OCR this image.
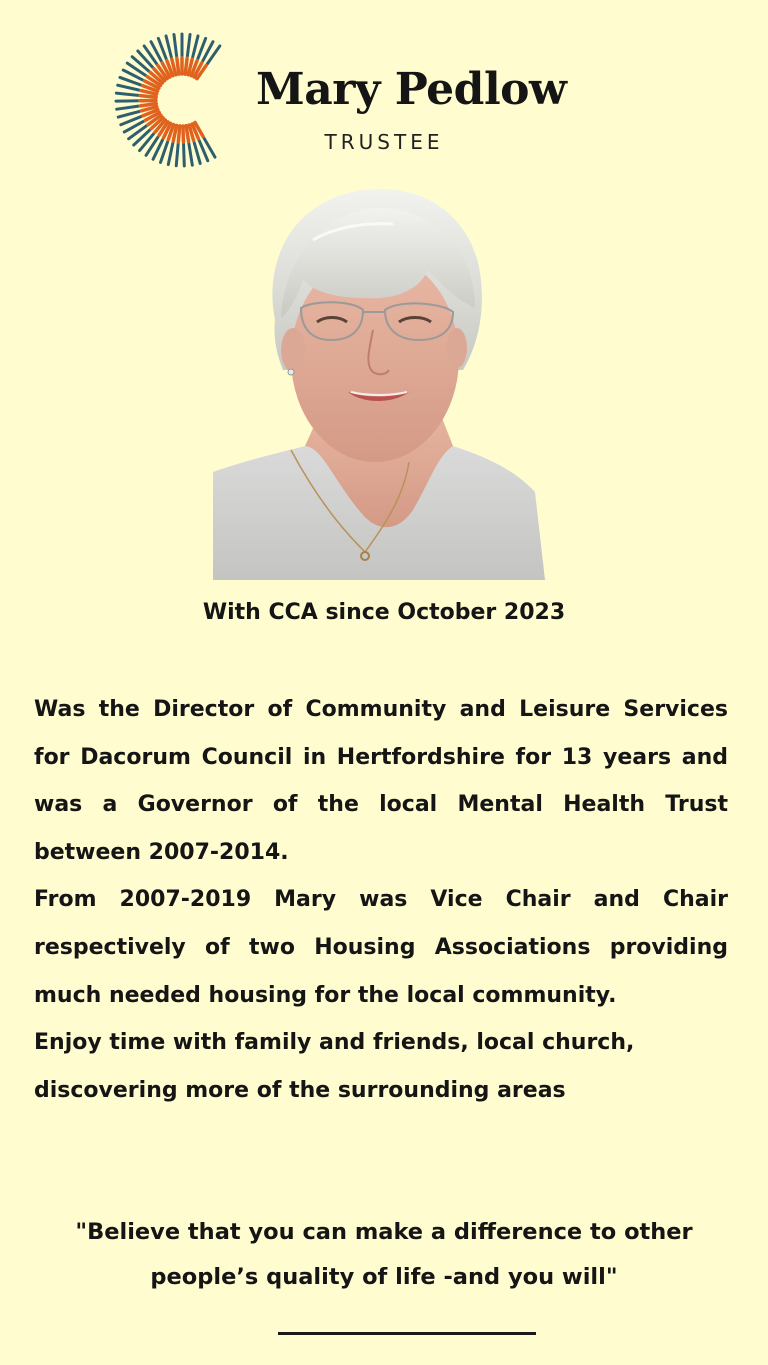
Mary Pedlow
TRUSTEE
With CCA since October 2023

Was the Director of Community and Leisure Services for Dacorum Council in Hertfordshire for 13 years and was a Governor of the local Mental Health Trust between 2007-2014.

From 2007-2019 Mary was Vice Chair and Chair respectively of two Housing Associations providing much needed housing for the local community.

Enjoy time with family and friends, local church, discovering more of the surrounding areas

"Believe that you can make a difference to other people’s quality of life -and you will"
